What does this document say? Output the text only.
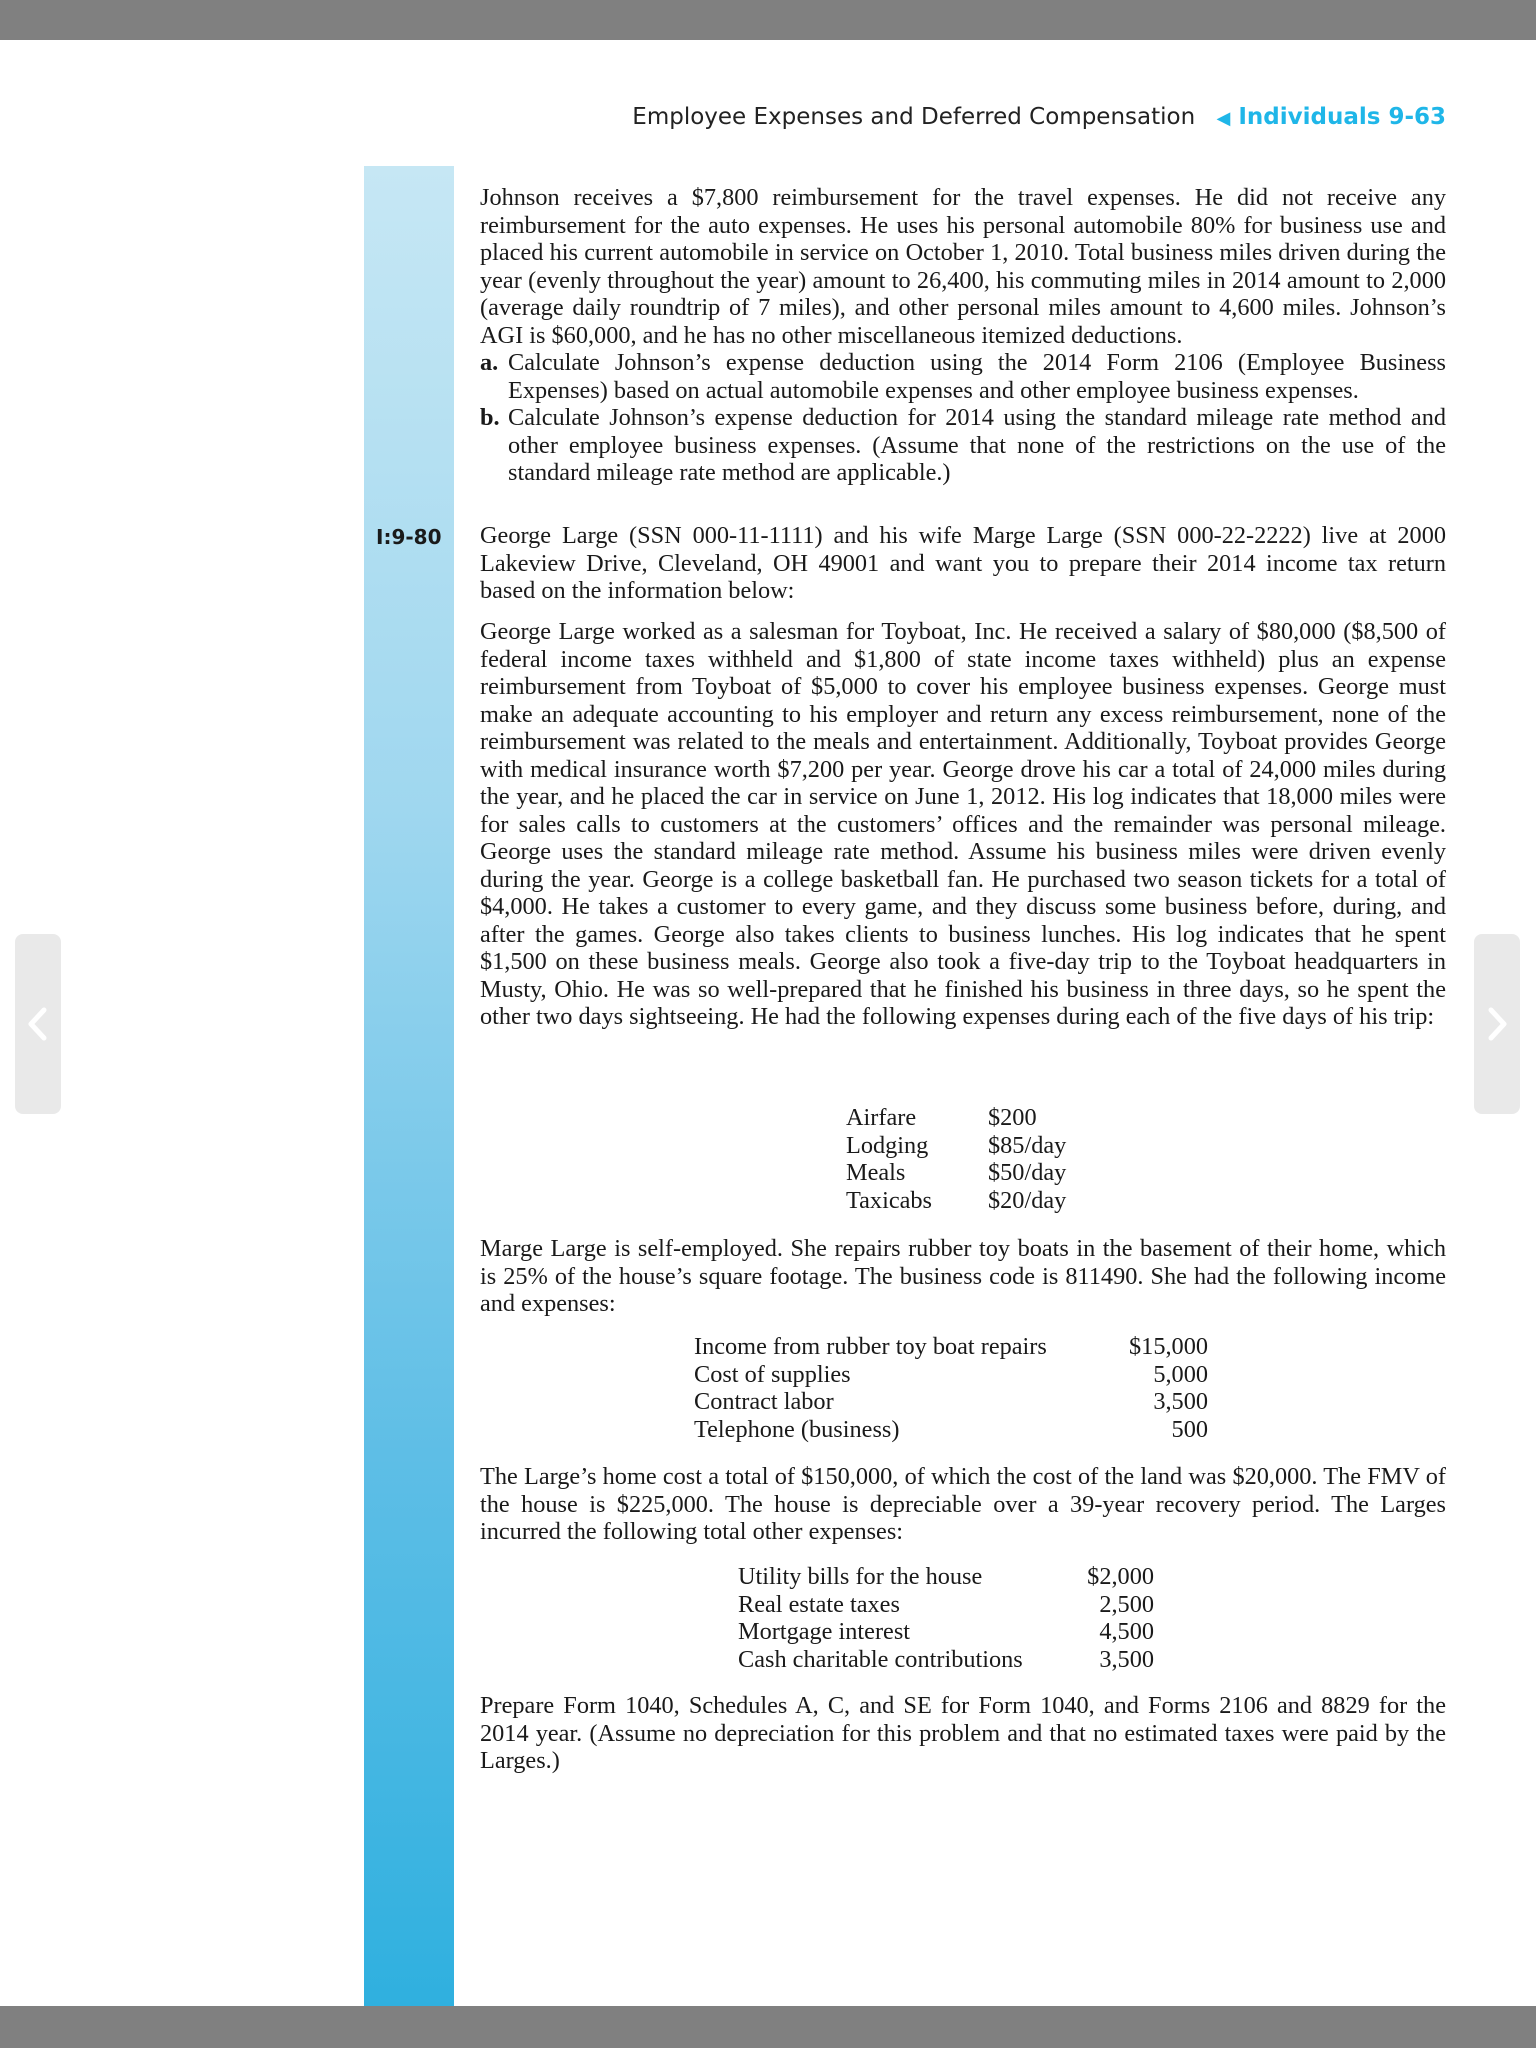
Employee Expenses and Deferred Compensation ◀ Individuals 9-63
I:9-80

Johnson receives a $7,800 reimbursement for the travel expenses. He did not receive any reimbursement for the auto expenses. He uses his personal automobile 80% for business use and placed his current automobile in service on October 1, 2010. Total business miles driven during the year (evenly throughout the year) amount to 26,400, his commuting miles in 2014 amount to 2,000 (average daily roundtrip of 7 miles), and other personal miles amount to 4,600 miles. Johnson’s AGI is $60,000, and he has no other miscellaneous itemized deductions.

a. Calculate Johnson’s expense deduction using the 2014 Form 2106 (Employee Business Expenses) based on actual automobile expenses and other employee business expenses.
b. Calculate Johnson’s expense deduction for 2014 using the standard mileage rate method and other employee business expenses. (Assume that none of the restrictions on the use of the standard mileage rate method are applicable.)

George Large (SSN 000-11-1111) and his wife Marge Large (SSN 000-22-2222) live at 2000 Lakeview Drive, Cleveland, OH 49001 and want you to prepare their 2014 income tax return based on the information below:

George Large worked as a salesman for Toyboat, Inc. He received a salary of $80,000 ($8,500 of federal income taxes withheld and $1,800 of state income taxes withheld) plus an expense reimbursement from Toyboat of $5,000 to cover his employee business expenses. George must make an adequate accounting to his employer and return any excess reimbursement, none of the reimbursement was related to the meals and entertainment. Additionally, Toyboat provides George with medical insurance worth $7,200 per year. George drove his car a total of 24,000 miles during the year, and he placed the car in service on June 1, 2012. His log indicates that 18,000 miles were for sales calls to customers at the customers’ offices and the remainder was personal mileage. George uses the standard mileage rate method. Assume his business miles were driven evenly during the year. George is a college basketball fan. He purchased two season tickets for a total of $4,000. He takes a customer to every game, and they discuss some business before, during, and after the games. George also takes clients to business lunches. His log indicates that he spent $1,500 on these business meals. George also took a five-day trip to the Toyboat headquarters in Musty, Ohio. He was so well-prepared that he finished his business in three days, so he spent the other two days sightseeing. He had the following expenses during each of the five days of his trip:

Airfare	$200
Lodging	$85/day
Meals	$50/day
Taxicabs	$20/day

Marge Large is self-employed. She repairs rubber toy boats in the basement of their home, which is 25% of the house’s square footage. The business code is 811490. She had the following income and expenses:

Income from rubber toy boat repairs	$15,000
Cost of supplies	5,000
Contract labor	3,500
Telephone (business)	500

The Large’s home cost a total of $150,000, of which the cost of the land was $20,000. The FMV of the house is $225,000. The house is depreciable over a 39-year recovery period. The Larges incurred the following total other expenses:

Utility bills for the house	$2,000
Real estate taxes	2,500
Mortgage interest	4,500
Cash charitable contributions	3,500

Prepare Form 1040, Schedules A, C, and SE for Form 1040, and Forms 2106 and 8829 for the 2014 year. (Assume no depreciation for this problem and that no estimated taxes were paid by the Larges.)
